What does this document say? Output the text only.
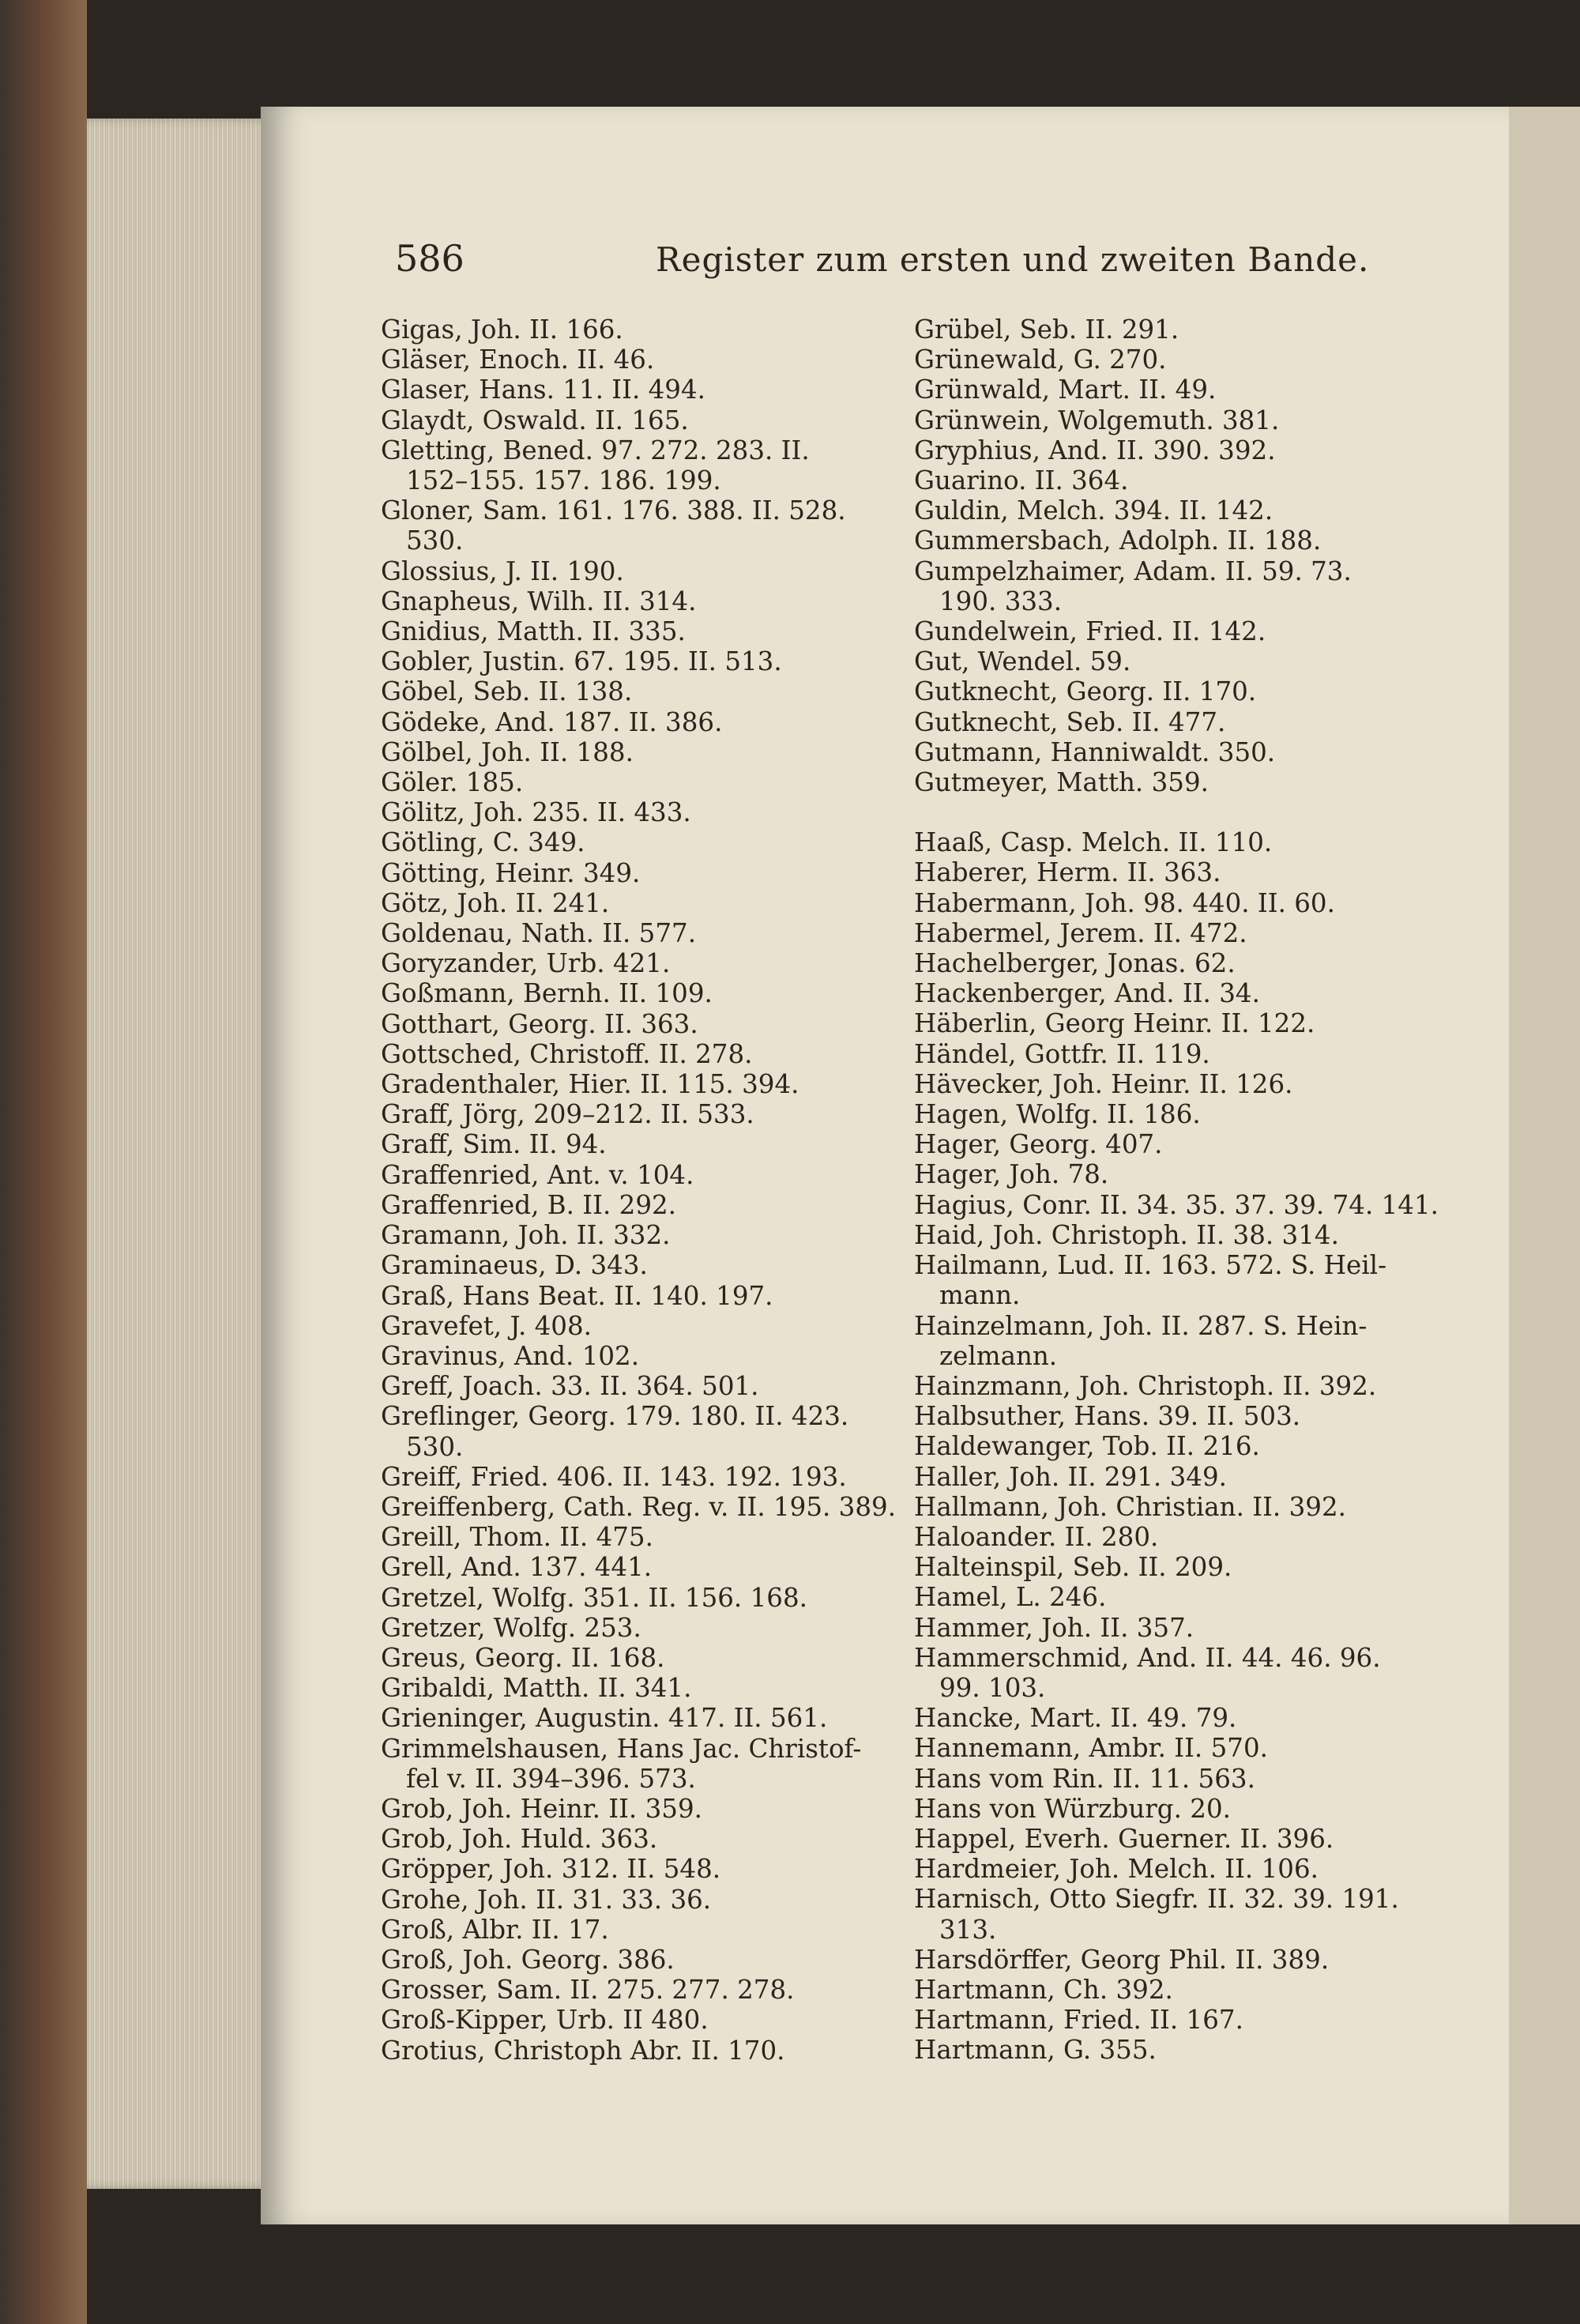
586	Register zum ersten und zweiten Bande.
Gigas, Joh. II. 166.
Gläser, Enoch. II. 46.
Glaser, Hans. 11. II. 494.
Glaydt, Oswald. II. 165.
Gletting, Bened. 97. 272. 283. II.
152–155. 157. 186. 199.
Gloner, Sam. 161. 176. 388. II. 528.
530.
Glossius, J. II. 190.
Gnapheus, Wilh. II. 314.
Gnidius, Matth. II. 335.
Gobler, Justin. 67. 195. II. 513.
Göbel, Seb. II. 138.
Gödeke, And. 187. II. 386.
Gölbel, Joh. II. 188.
Göler. 185.
Gölitz, Joh. 235. II. 433.
Götling, C. 349.
Götting, Heinr. 349.
Götz, Joh. II. 241.
Goldenau, Nath. II. 577.
Goryzander, Urb. 421.
Goßmann, Bernh. II. 109.
Gotthart, Georg. II. 363.
Gottsched, Christoff. II. 278.
Gradenthaler, Hier. II. 115. 394.
Graff, Jörg, 209–212. II. 533.
Graff, Sim. II. 94.
Graffenried, Ant. v. 104.
Graffenried, B. II. 292.
Gramann, Joh. II. 332.
Graminaeus, D. 343.
Graß, Hans Beat. II. 140. 197.
Gravefet, J. 408.
Gravinus, And. 102.
Greff, Joach. 33. II. 364. 501.
Greflinger, Georg. 179. 180. II. 423.
530.
Greiff, Fried. 406. II. 143. 192. 193.
Greiffenberg, Cath. Reg. v. II. 195. 389.
Greill, Thom. II. 475.
Grell, And. 137. 441.
Gretzel, Wolfg. 351. II. 156. 168.
Gretzer, Wolfg. 253.
Greus, Georg. II. 168.
Gribaldi, Matth. II. 341.
Grieninger, Augustin. 417. II. 561.
Grimmelshausen, Hans Jac. Christof-
fel v. II. 394–396. 573.
Grob, Joh. Heinr. II. 359.
Grob, Joh. Huld. 363.
Gröpper, Joh. 312. II. 548.
Grohe, Joh. II. 31. 33. 36.
Groß, Albr. II. 17.
Groß, Joh. Georg. 386.
Grosser, Sam. II. 275. 277. 278.
Groß-Kipper, Urb. II 480.
Grotius, Christoph Abr. II. 170.
Grübel, Seb. II. 291.
Grünewald, G. 270.
Grünwald, Mart. II. 49.
Grünwein, Wolgemuth. 381.
Gryphius, And. II. 390. 392.
Guarino. II. 364.
Guldin, Melch. 394. II. 142.
Gummersbach, Adolph. II. 188.
Gumpelzhaimer, Adam. II. 59. 73.
190. 333.
Gundelwein, Fried. II. 142.
Gut, Wendel. 59.
Gutknecht, Georg. II. 170.
Gutknecht, Seb. II. 477.
Gutmann, Hanniwaldt. 350.
Gutmeyer, Matth. 359.
Haaß, Casp. Melch. II. 110.
Haberer, Herm. II. 363.
Habermann, Joh. 98. 440. II. 60.
Habermel, Jerem. II. 472.
Hachelberger, Jonas. 62.
Hackenberger, And. II. 34.
Häberlin, Georg Heinr. II. 122.
Händel, Gottfr. II. 119.
Hävecker, Joh. Heinr. II. 126.
Hagen, Wolfg. II. 186.
Hager, Georg. 407.
Hager, Joh. 78.
Hagius, Conr. II. 34. 35. 37. 39. 74. 141.
Haid, Joh. Christoph. II. 38. 314.
Hailmann, Lud. II. 163. 572. S. Heil-
mann.
Hainzelmann, Joh. II. 287. S. Hein-
zelmann.
Hainzmann, Joh. Christoph. II. 392.
Halbsuther, Hans. 39. II. 503.
Haldewanger, Tob. II. 216.
Haller, Joh. II. 291. 349.
Hallmann, Joh. Christian. II. 392.
Haloander. II. 280.
Halteinspil, Seb. II. 209.
Hamel, L. 246.
Hammer, Joh. II. 357.
Hammerschmid, And. II. 44. 46. 96.
99. 103.
Hancke, Mart. II. 49. 79.
Hannemann, Ambr. II. 570.
Hans vom Rin. II. 11. 563.
Hans von Würzburg. 20.
Happel, Everh. Guerner. II. 396.
Hardmeier, Joh. Melch. II. 106.
Harnisch, Otto Siegfr. II. 32. 39. 191.
313.
Harsdörffer, Georg Phil. II. 389.
Hartmann, Ch. 392.
Hartmann, Fried. II. 167.
Hartmann, G. 355.
